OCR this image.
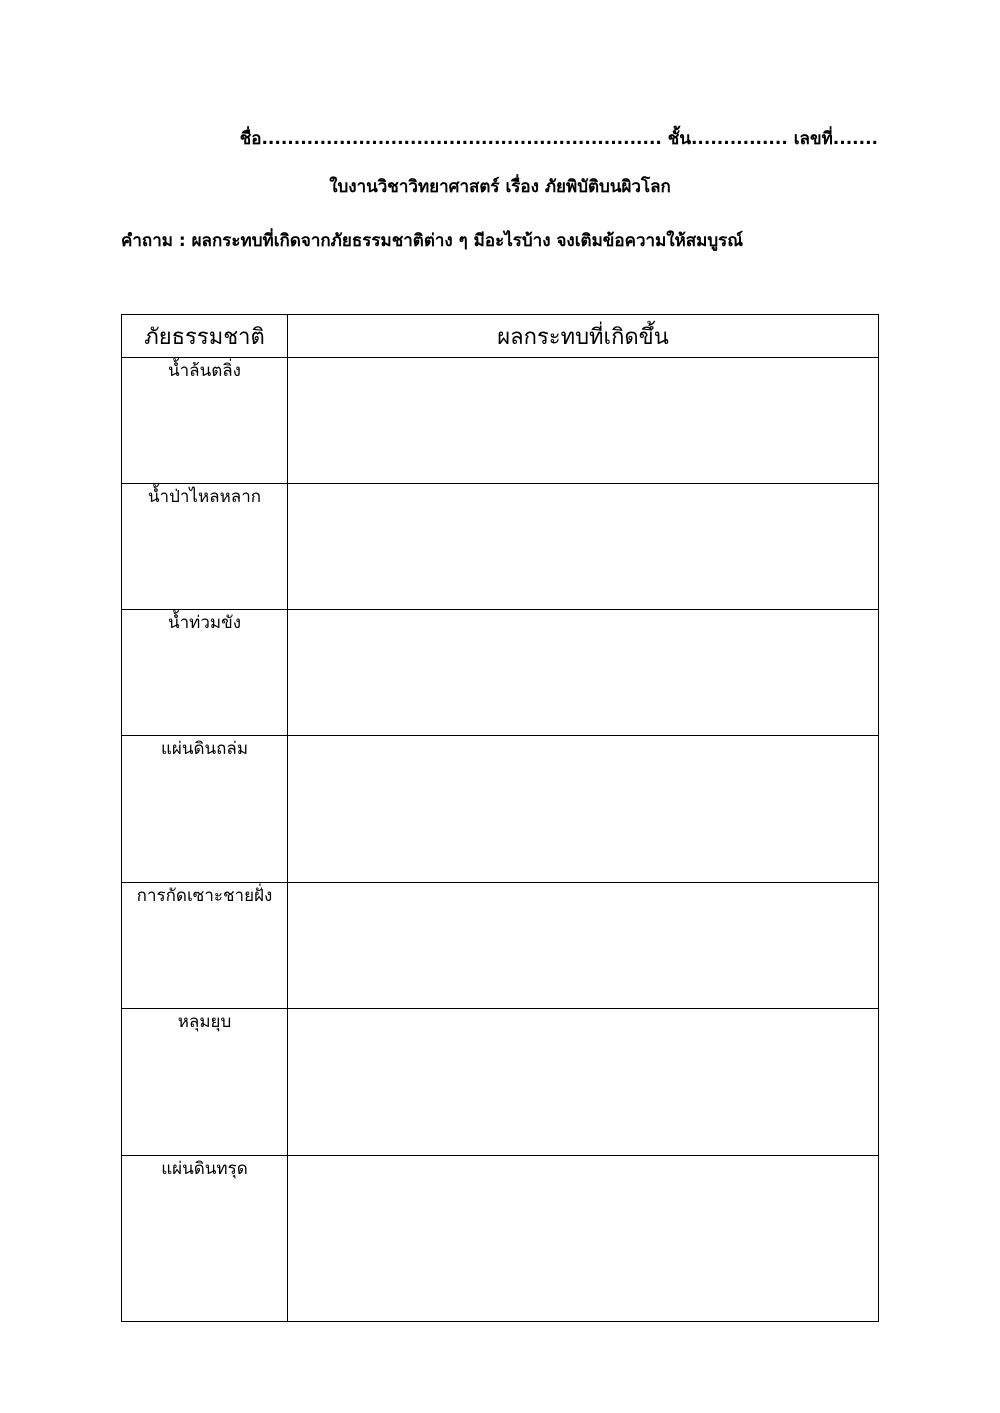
ชื่อ.............................................................. ชั้น............... เลขที่.......
ใบงานวิชาวิทยาศาสตร์ เรื่อง ภัยพิบัติบนผิวโลก
คำถาม : ผลกระทบที่เกิดจากภัยธรรมชาติต่าง ๆ มีอะไรบ้าง จงเติมข้อความให้สมบูรณ์
ภัยธรรมชาติ	ผลกระทบที่เกิดขึ้น
น้ำล้นตลิ่ง	
น้ำป่าไหลหลาก	
น้ำท่วมขัง	
แผ่นดินถล่ม	
การกัดเซาะชายฝั่ง	
หลุมยุบ	
แผ่นดินทรุด	
